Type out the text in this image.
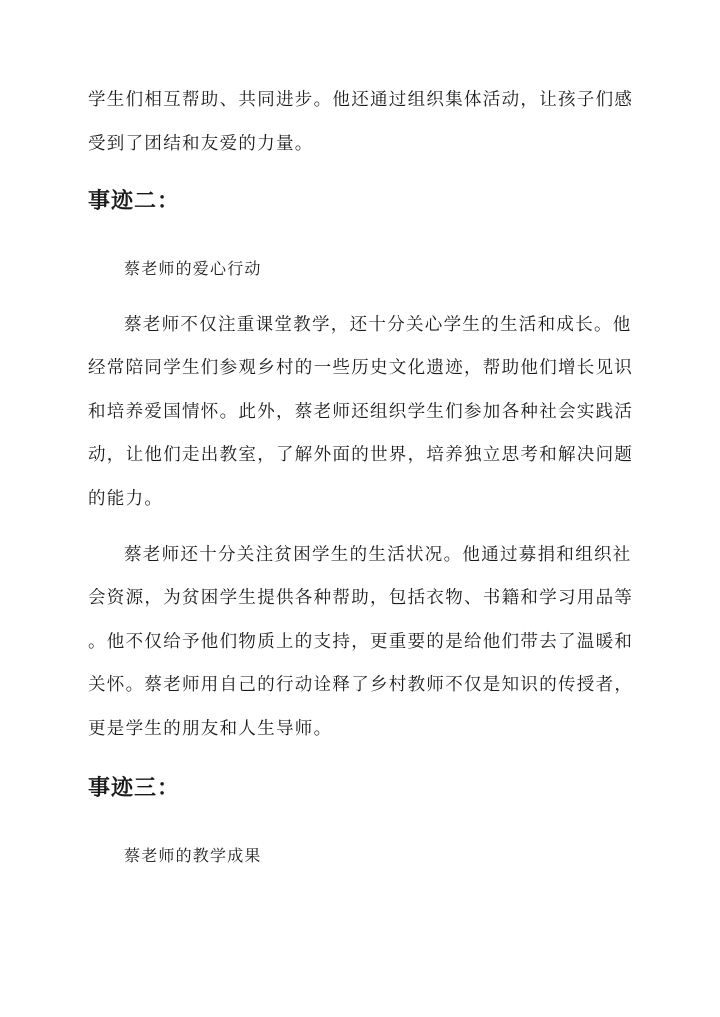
学生们相互帮助、共同进步。他还通过组织集体活动，让孩子们感
受到了团结和友爱的力量。
事迹二：
蔡老师的爱心行动
蔡老师不仅注重课堂教学，还十分关心学生的生活和成长。他
经常陪同学生们参观乡村的一些历史文化遗迹，帮助他们增长见识
和培养爱国情怀。此外，蔡老师还组织学生们参加各种社会实践活
动，让他们走出教室，了解外面的世界，培养独立思考和解决问题
的能力。
蔡老师还十分关注贫困学生的生活状况。他通过募捐和组织社
会资源，为贫困学生提供各种帮助，包括衣物、书籍和学习用品等
。他不仅给予他们物质上的支持，更重要的是给他们带去了温暖和
关怀。蔡老师用自己的行动诠释了乡村教师不仅是知识的传授者，
更是学生的朋友和人生导师。
事迹三：
蔡老师的教学成果
